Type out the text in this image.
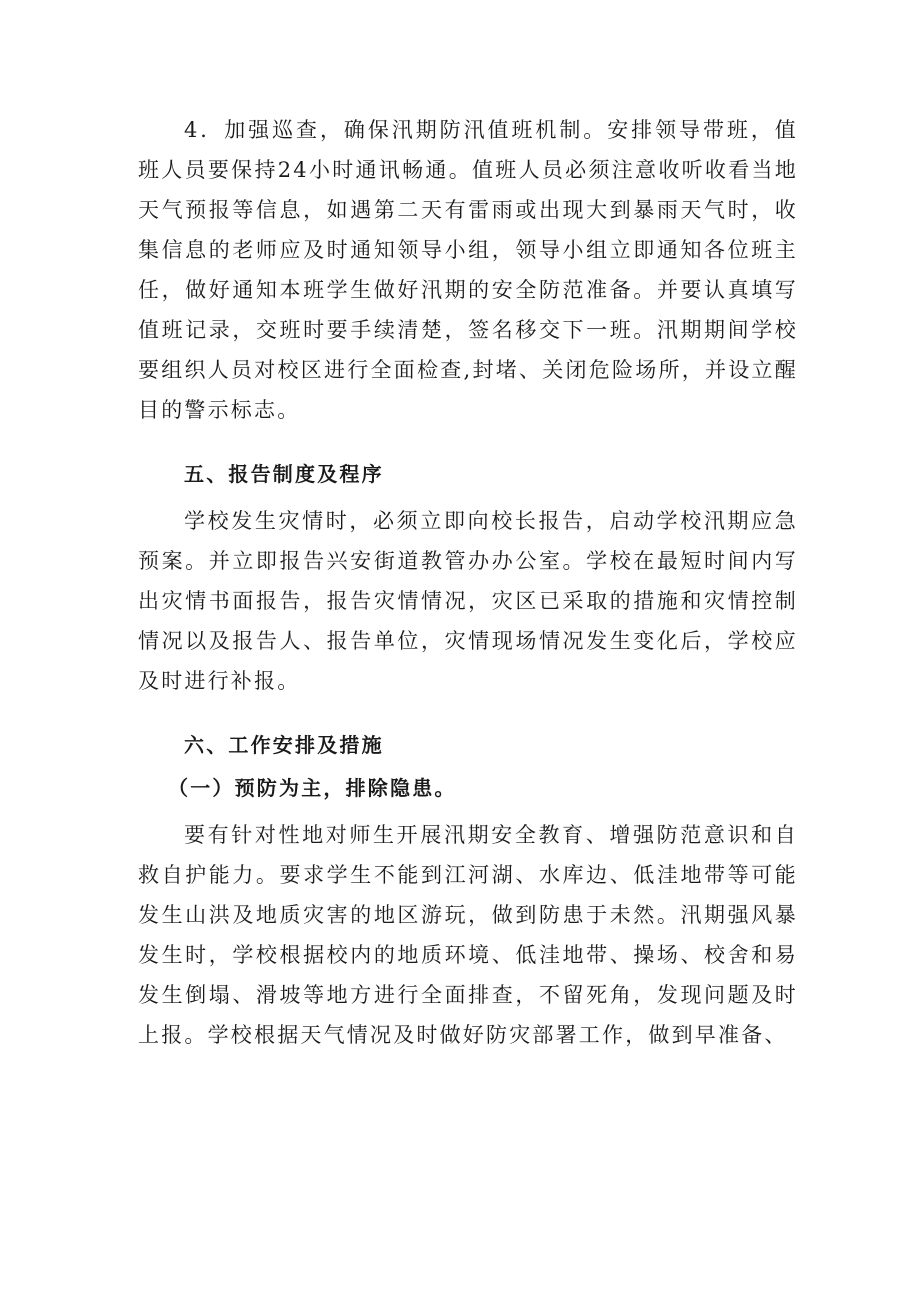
4．加强巡查，确保汛期防汛值班机制。安排领导带班，值班人员要保持24小时通讯畅通。值班人员必须注意收听收看当地天气预报等信息，如遇第二天有雷雨或出现大到暴雨天气时，收集信息的老师应及时通知领导小组，领导小组立即通知各位班主任，做好通知本班学生做好汛期的安全防范准备。并要认真填写值班记录，交班时要手续清楚，签名移交下一班。汛期期间学校要组织人员对校区进行全面检查,封堵、关闭危险场所，并设立醒目的警示标志。

五、报告制度及程序

学校发生灾情时，必须立即向校长报告，启动学校汛期应急预案。并立即报告兴安街道教管办办公室。学校在最短时间内写出灾情书面报告，报告灾情情况，灾区已采取的措施和灾情控制情况以及报告人、报告单位，灾情现场情况发生变化后，学校应及时进行补报。

六、工作安排及措施

（一）预防为主，排除隐患。

要有针对性地对师生开展汛期安全教育、增强防范意识和自救自护能力。要求学生不能到江河湖、水库边、低洼地带等可能发生山洪及地质灾害的地区游玩，做到防患于未然。汛期强风暴发生时，学校根据校内的地质环境、低洼地带、操场、校舍和易发生倒塌、滑坡等地方进行全面排查，不留死角，发现问题及时上报。学校根据天气情况及时做好防灾部署工作，做到早准备、
